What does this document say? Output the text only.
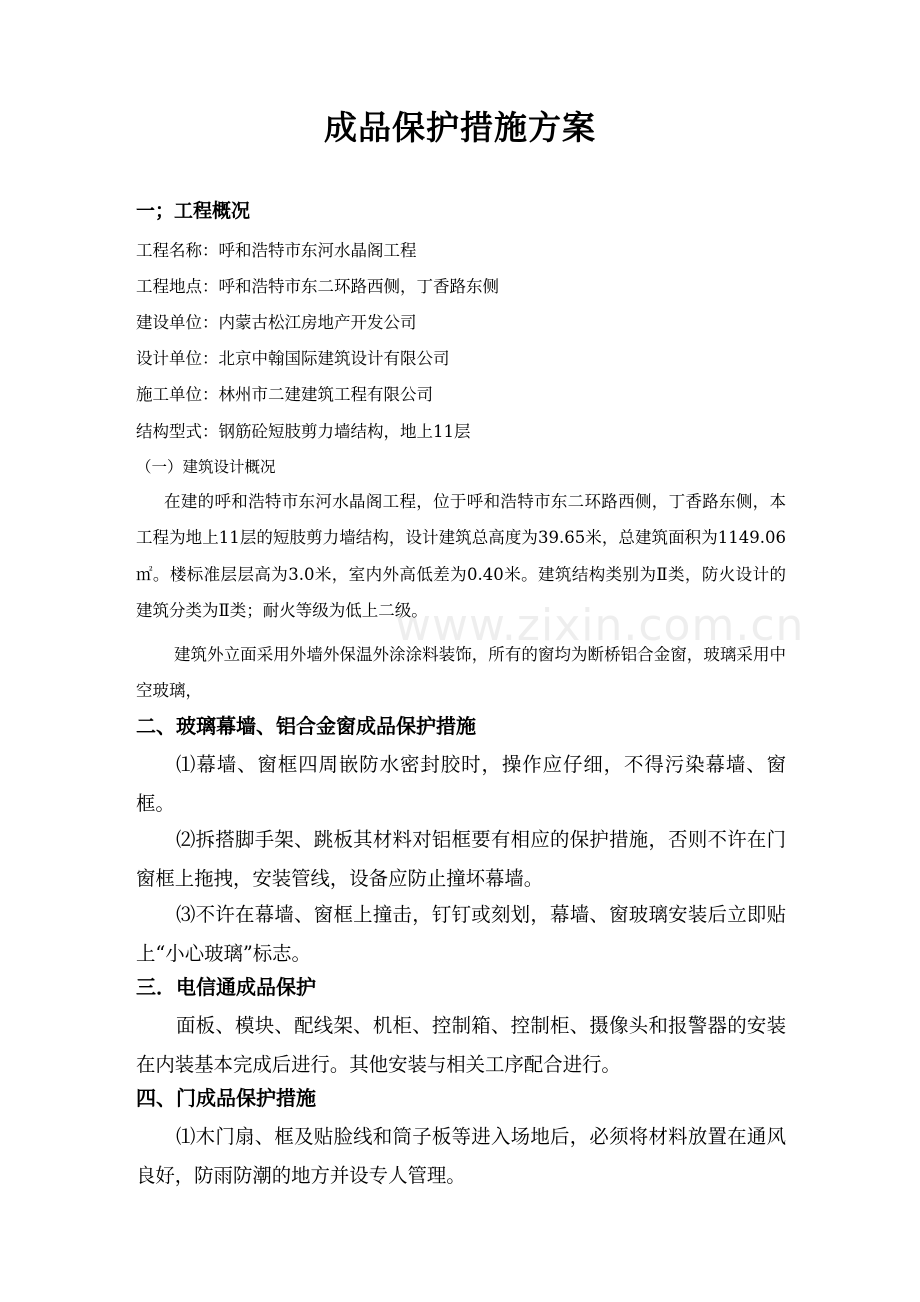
成品保护措施方案
一；工程概况
工程名称：呼和浩特市东河水晶阁工程
工程地点：呼和浩特市东二环路西侧，丁香路东侧
建设单位：内蒙古松江房地产开发公司
设计单位：北京中翰国际建筑设计有限公司
施工单位：林州市二建建筑工程有限公司
结构型式：钢筋砼短肢剪力墙结构，地上11层
（一）建筑设计概况
在建的呼和浩特市东河水晶阁工程，位于呼和浩特市东二环路西侧，丁香路东侧，本工程为地上11层的短肢剪力墙结构，设计建筑总高度为39.65米，总建筑面积为1149.06㎡。楼标准层层高为3.0米，室内外高低差为0.40米。建筑结构类别为Ⅱ类，防火设计的建筑分类为Ⅱ类；耐火等级为低上二级。
建筑外立面采用外墙外保温外涂涂料装饰，所有的窗均为断桥铝合金窗，玻璃采用中空玻璃，
二、玻璃幕墙、铝合金窗成品保护措施
⑴幕墙、窗框四周嵌防水密封胶时，操作应仔细，不得污染幕墙、窗框。
⑵拆搭脚手架、跳板其材料对铝框要有相应的保护措施，否则不许在门窗框上拖拽，安装管线，设备应防止撞坏幕墙。
⑶不许在幕墙、窗框上撞击，钉钉或刻划，幕墙、窗玻璃安装后立即贴上“小心玻璃”标志。
三．电信通成品保护
面板、模块、配线架、机柜、控制箱、控制柜、摄像头和报警器的安装在内装基本完成后进行。其他安装与相关工序配合进行。
四、门成品保护措施
⑴木门扇、框及贴脸线和筒子板等进入场地后，必须将材料放置在通风良好，防雨防潮的地方并设专人管理。
www.zixin.com.cn
